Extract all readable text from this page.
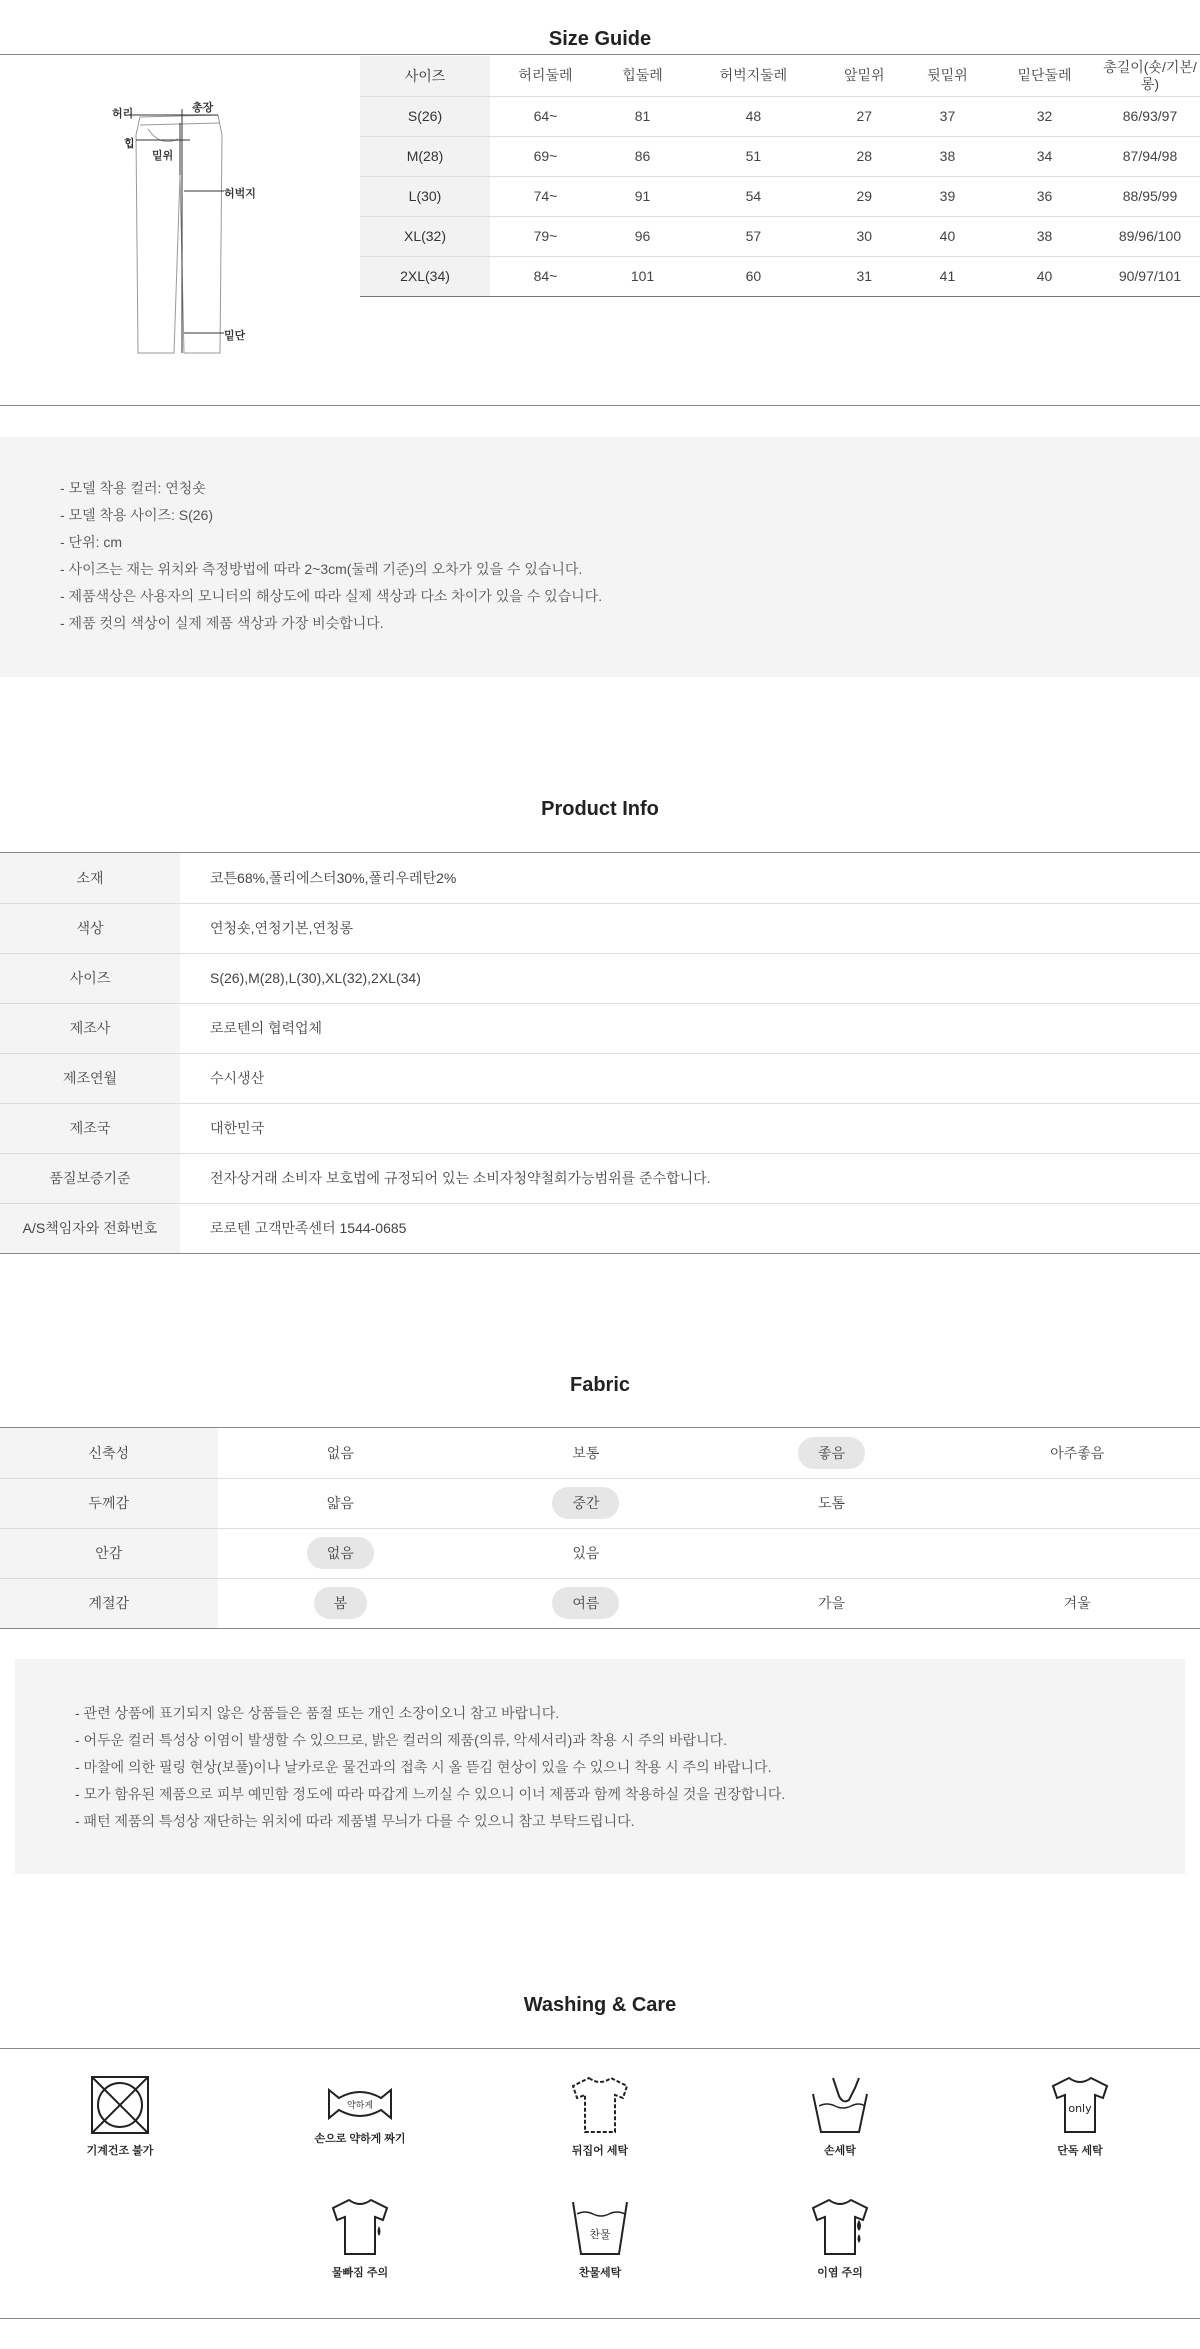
Size Guide
허리	총장
힙
밑위
허벅지
밑단
사이즈	허리둘레	힙둘레	허벅지둘레	앞밑위	뒷밑위	밑단둘레	총길이(숏/기본/롱)
S(26)	64~	81	48	27	37	32	86/93/97
M(28)	69~	86	51	28	38	34	87/94/98
L(30)	74~	91	54	29	39	36	88/95/99
XL(32)	79~	96	57	30	40	38	89/96/100
2XL(34)	84~	101	60	31	41	40	90/97/101

- 모델 착용 컬러: 연청숏

- 모델 착용 사이즈: S(26)

- 단위: cm

- 사이즈는 재는 위치와 측정방법에 따라 2~3cm(둘레 기준)의 오차가 있을 수 있습니다.

- 제품색상은 사용자의 모니터의 해상도에 따라 실제 색상과 다소 차이가 있을 수 있습니다.

- 제품 컷의 색상이 실제 제품 색상과 가장 비슷합니다.

Product Info
소재	코튼68%,폴리에스터30%,폴리우레탄2%
색상	연청숏,연청기본,연청롱
사이즈	S(26),M(28),L(30),XL(32),2XL(34)
제조사	로로텐의 협력업체
제조연월	수시생산
제조국	대한민국
품질보증기준	전자상거래 소비자 보호법에 규정되어 있는 소비자청약철회가능범위를 준수합니다.
A/S책임자와 전화번호	로로텐 고객만족센터 1544-0685
Fabric
신축성	없음	보통	좋음	아주좋음
두께감	얇음	중간	도톰	
안감	없음	있음		
계절감	봄	여름	가을	겨울

- 관련 상품에 표기되지 않은 상품들은 품절 또는 개인 소장이오니 참고 바랍니다.

- 어두운 컬러 특성상 이염이 발생할 수 있으므로, 밝은 컬러의 제품(의류, 악세서리)과 착용 시 주의 바랍니다.

- 마찰에 의한 필링 현상(보풀)이나 날카로운 물건과의 접촉 시 올 뜯김 현상이 있을 수 있으니 착용 시 주의 바랍니다.

- 모가 함유된 제품으로 피부 예민함 정도에 따라 따갑게 느끼실 수 있으니 이너 제품과 함께 착용하실 것을 권장합니다.

- 패턴 제품의 특성상 재단하는 위치에 따라 제품별 무늬가 다를 수 있으니 참고 부탁드립니다.

Washing & Care
기계건조 불가
약하게
손으로 약하게 짜기
뒤집어 세탁	손세탁
only
단독 세탁
물빠짐 주의
찬물
찬물세탁	이염 주의
